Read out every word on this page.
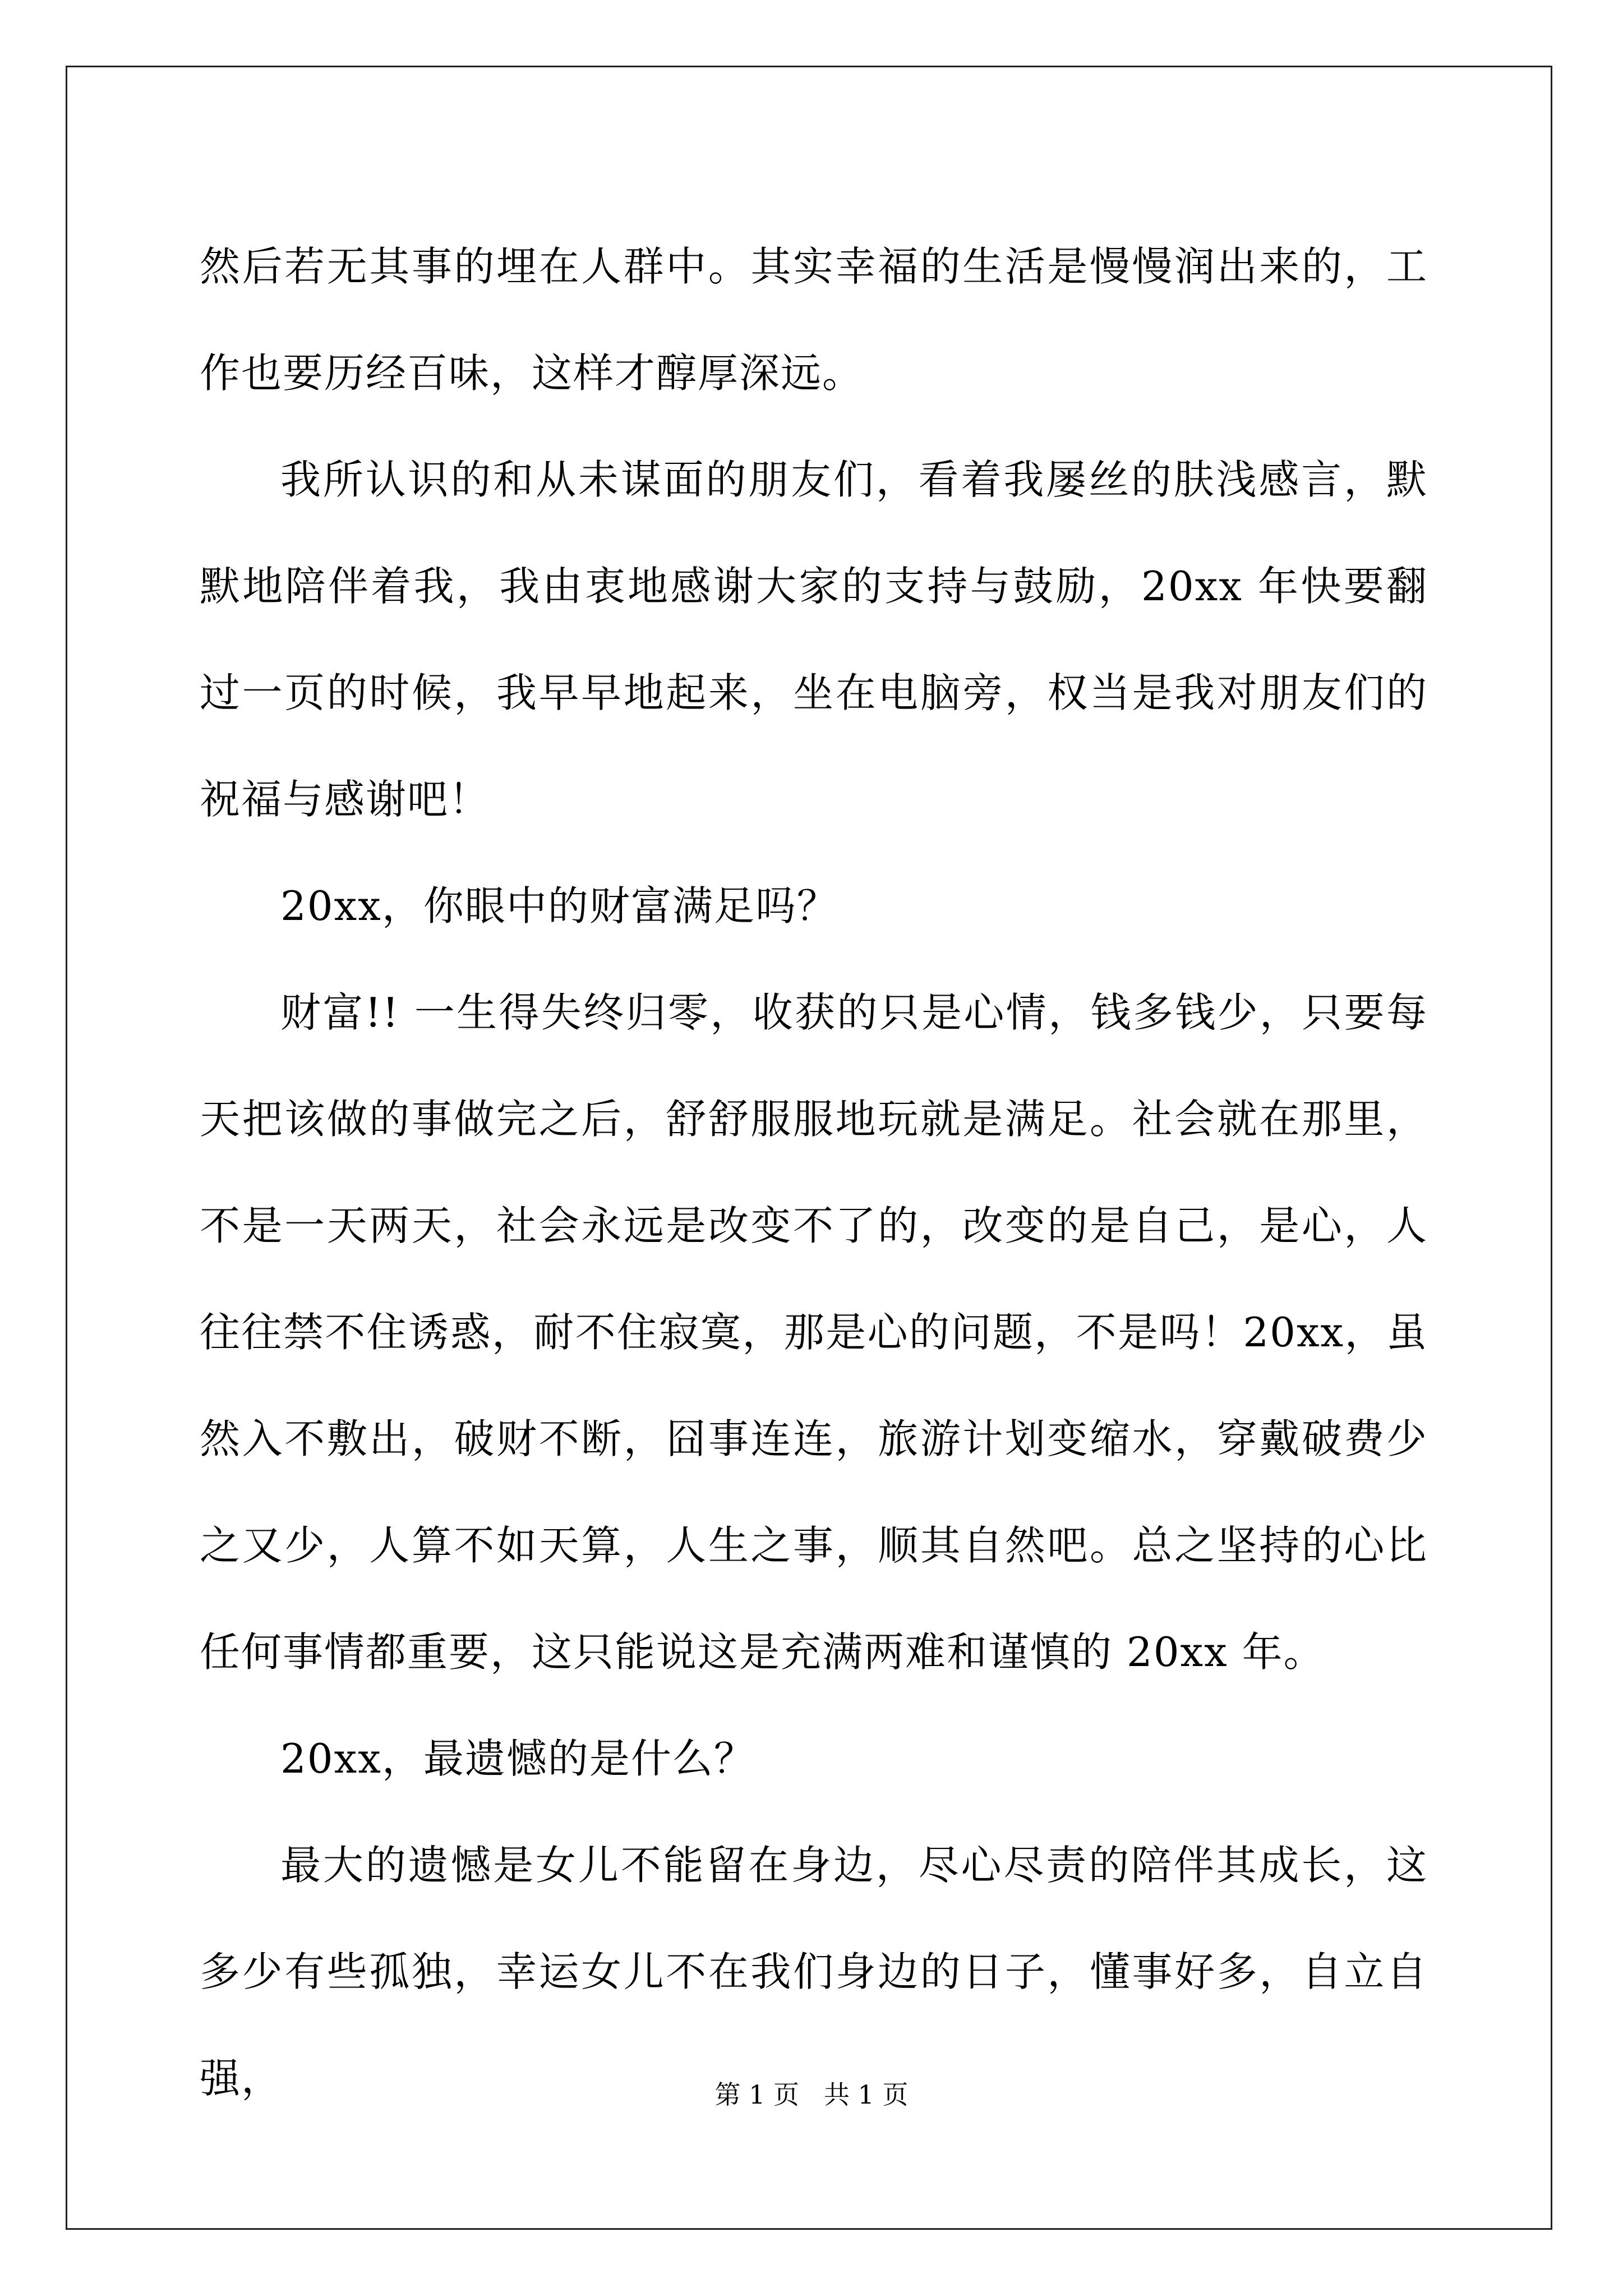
然后若无其事的埋在人群中。其实幸福的生活是慢慢润出来的，工作也要历经百味，这样才醇厚深远。

我所认识的和从未谋面的朋友们，看着我屡丝的肤浅感言，默默地陪伴着我，我由衷地感谢大家的支持与鼓励，20xx 年快要翻过一页的时候，我早早地起来，坐在电脑旁，权当是我对朋友们的祝福与感谢吧！

20xx，你眼中的财富满足吗？

财富!! 一生得失终归零，收获的只是心情，钱多钱少，只要每天把该做的事做完之后，舒舒服服地玩就是满足。社会就在那里，不是一天两天，社会永远是改变不了的，改变的是自己，是心，人往往禁不住诱惑，耐不住寂寞，那是心的问题，不是吗！20xx，虽然入不敷出，破财不断，囧事连连，旅游计划变缩水，穿戴破费少之又少，人算不如天算，人生之事，顺其自然吧。总之坚持的心比任何事情都重要，这只能说这是充满两难和谨慎的 20xx 年。

20xx，最遗憾的是什么？

最大的遗憾是女儿不能留在身边，尽心尽责的陪伴其成长，这多少有些孤独，幸运女儿不在我们身边的日子，懂事好多，自立自强，	第 1 页 共 1 页
